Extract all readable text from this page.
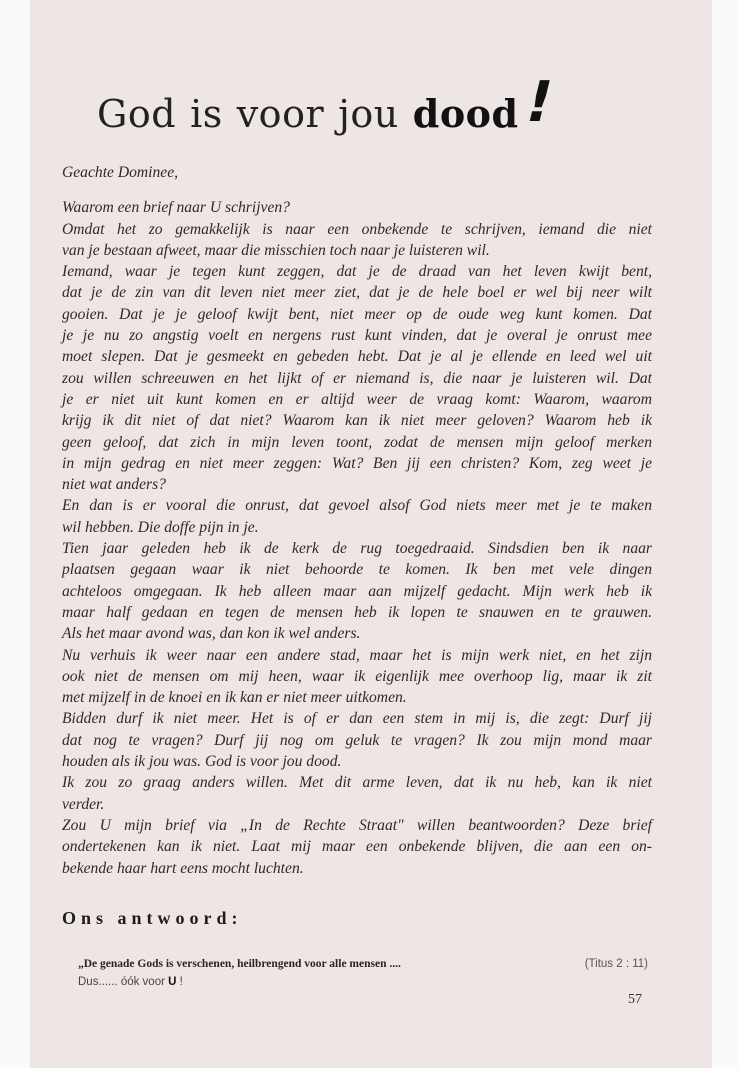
God is voor jou dood!
Geachte Dominee,
Waarom een brief naar U schrijven?
Omdat het zo gemakkelijk is naar een onbekende te schrijven, iemand die niet
van je bestaan afweet, maar die misschien toch naar je luisteren wil.
Iemand, waar je tegen kunt zeggen, dat je de draad van het leven kwijt bent,
dat je de zin van dit leven niet meer ziet, dat je de hele boel er wel bij neer wilt
gooien. Dat je je geloof kwijt bent, niet meer op de oude weg kunt komen. Dat
je je nu zo angstig voelt en nergens rust kunt vinden, dat je overal je onrust mee
moet slepen. Dat je gesmeekt en gebeden hebt. Dat je al je ellende en leed wel uit
zou willen schreeuwen en het lijkt of er niemand is, die naar je luisteren wil. Dat
je er niet uit kunt komen en er altijd weer de vraag komt: Waarom, waarom
krijg ik dit niet of dat niet? Waarom kan ik niet meer geloven? Waarom heb ik
geen geloof, dat zich in mijn leven toont, zodat de mensen mijn geloof merken
in mijn gedrag en niet meer zeggen: Wat? Ben jij een christen? Kom, zeg weet je
niet wat anders?
En dan is er vooral die onrust, dat gevoel alsof God niets meer met je te maken
wil hebben. Die doffe pijn in je.
Tien jaar geleden heb ik de kerk de rug toegedraaid. Sindsdien ben ik naar
plaatsen gegaan waar ik niet behoorde te komen. Ik ben met vele dingen
achteloos omgegaan. Ik heb alleen maar aan mijzelf gedacht. Mijn werk heb ik
maar half gedaan en tegen de mensen heb ik lopen te snauwen en te grauwen.
Als het maar avond was, dan kon ik wel anders.
Nu verhuis ik weer naar een andere stad, maar het is mijn werk niet, en het zijn
ook niet de mensen om mij heen, waar ik eigenlijk mee overhoop lig, maar ik zit
met mijzelf in de knoei en ik kan er niet meer uitkomen.
Bidden durf ik niet meer. Het is of er dan een stem in mij is, die zegt: Durf jij
dat nog te vragen? Durf jij nog om geluk te vragen? Ik zou mijn mond maar
houden als ik jou was. God is voor jou dood.
Ik zou zo graag anders willen. Met dit arme leven, dat ik nu heb, kan ik niet
verder.
Zou U mijn brief via „In de Rechte Straat" willen beantwoorden? Deze brief
ondertekenen kan ik niet. Laat mij maar een onbekende blijven, die aan een on-
bekende haar hart eens mocht luchten.
Ons antwoord:
„De genade Gods is verschenen, heilbrengend voor alle mensen ....	(Titus 2 : 11)
Dus...... óók voor U !
57
